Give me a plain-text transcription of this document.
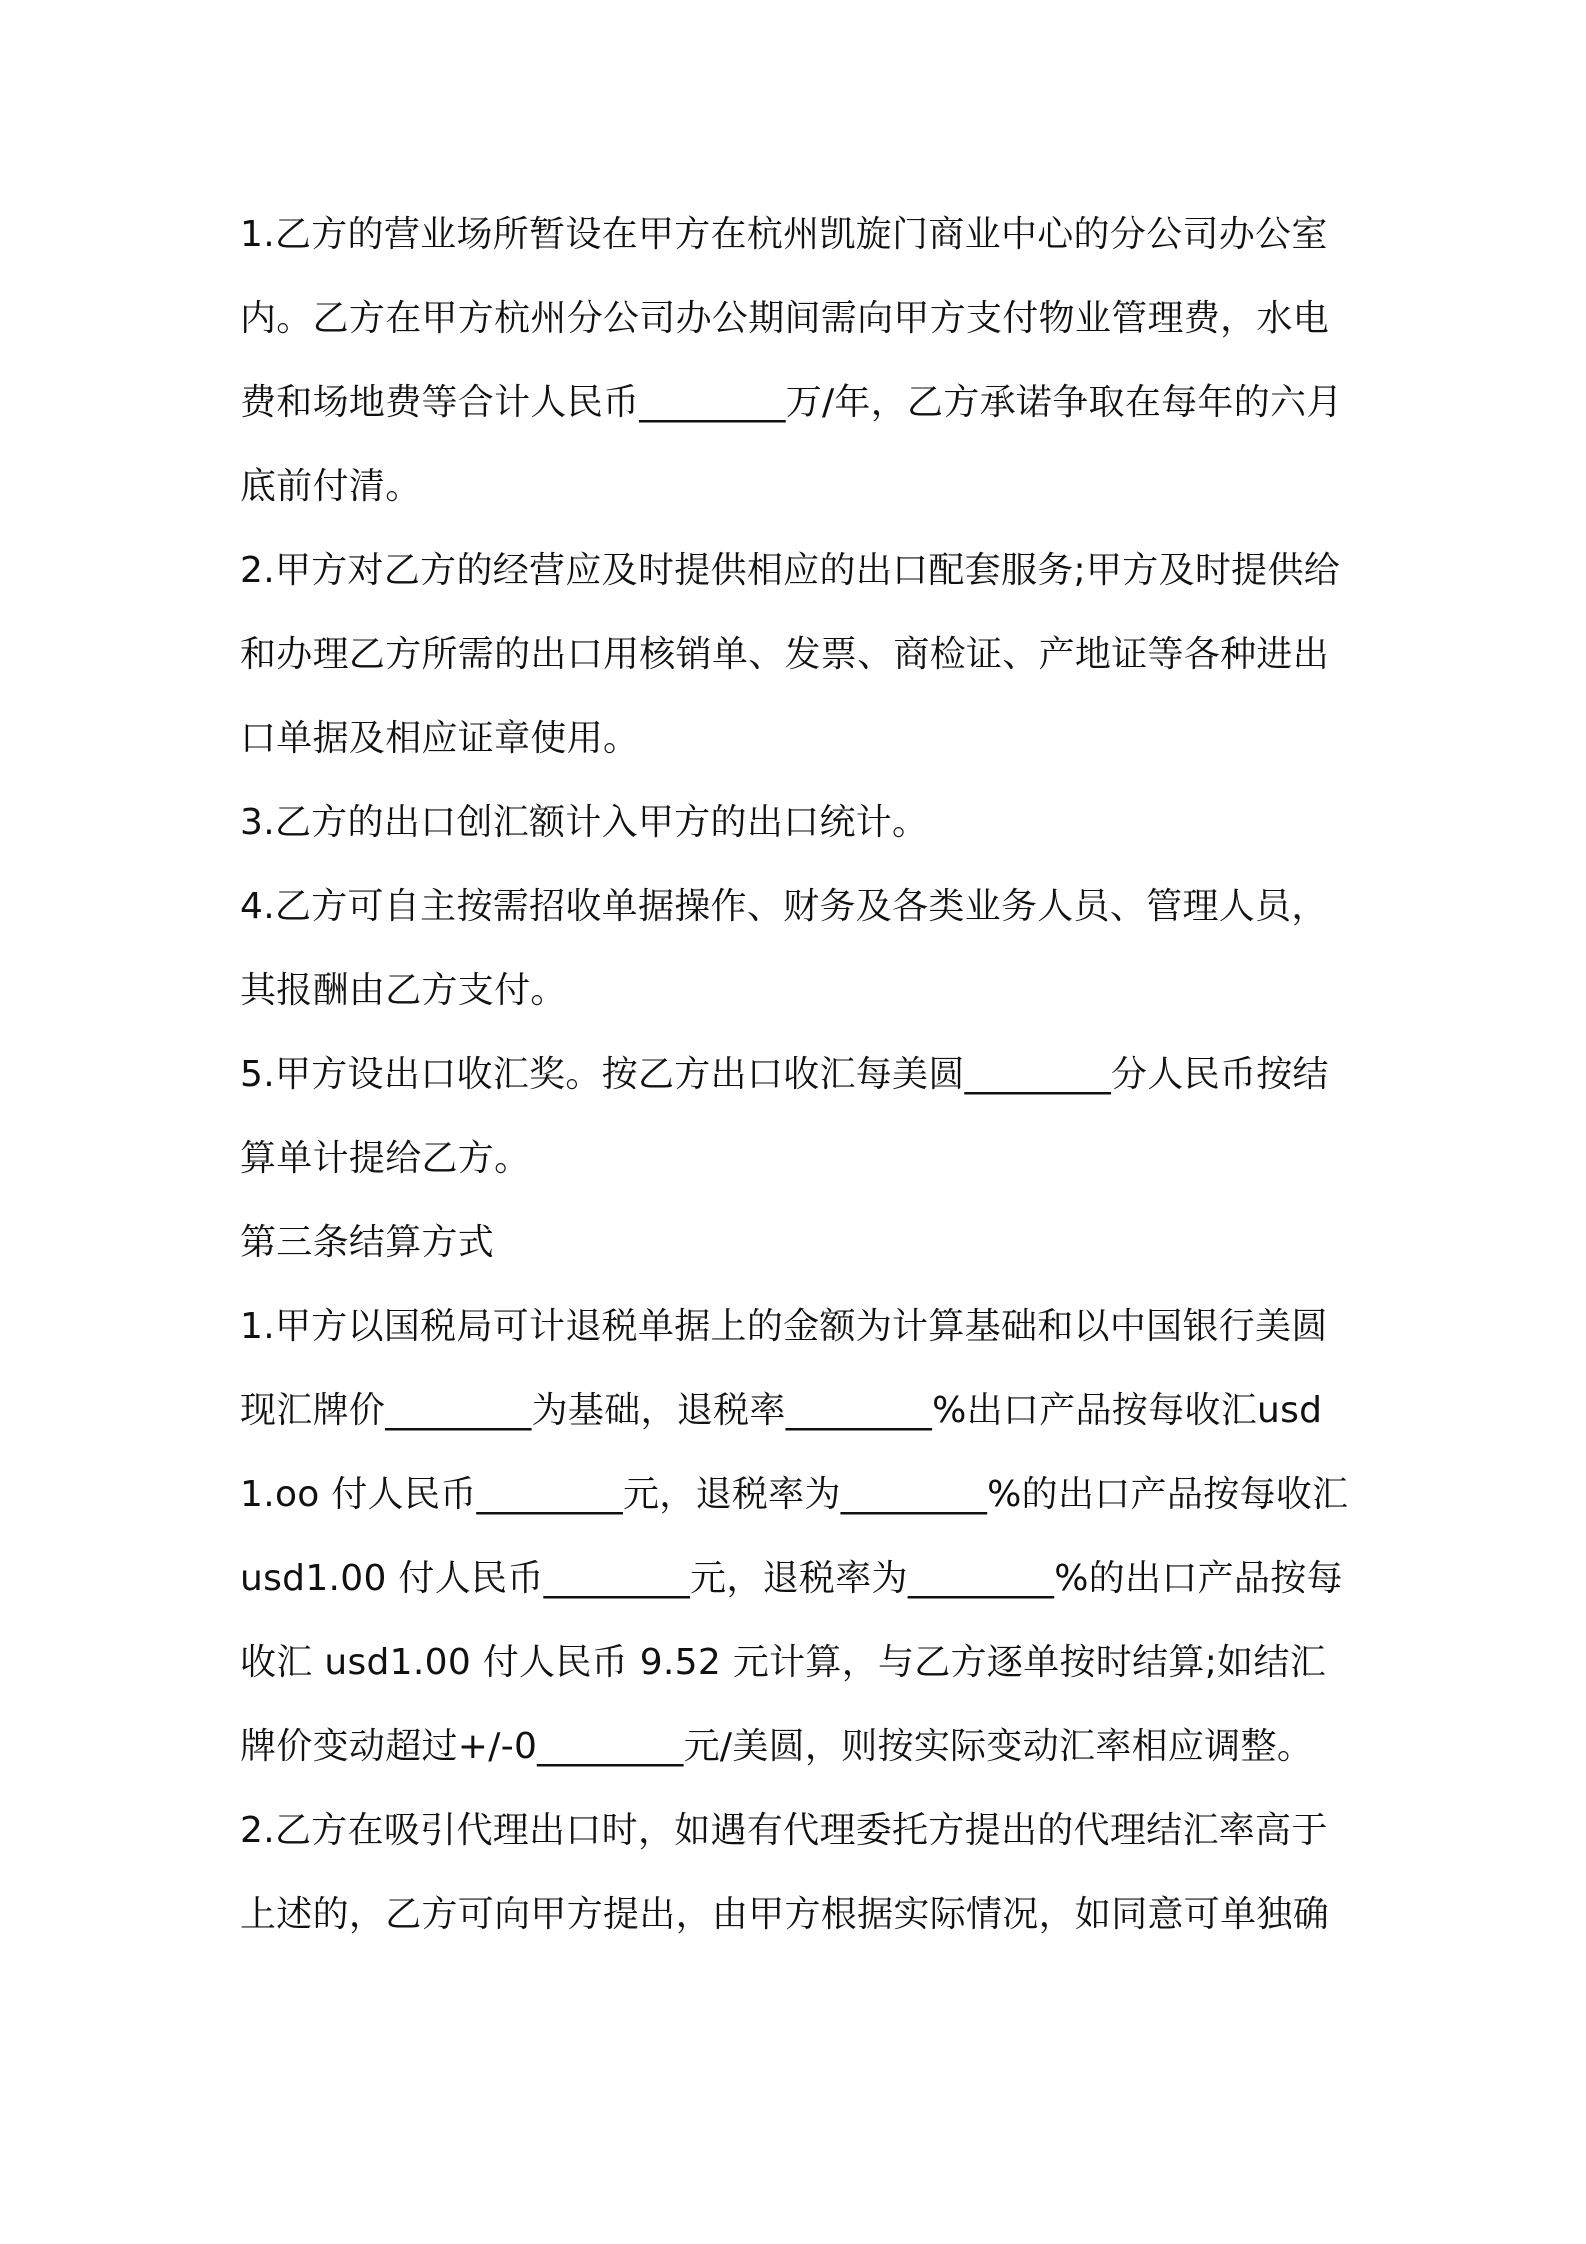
1.乙方的营业场所暂设在甲方在杭州凯旋门商业中心的分公司办公室内。乙方在甲方杭州分公司办公期间需向甲方支付物业管理费，水电费和场地费等合计人民币________万/年，乙方承诺争取在每年的六月底前付清。

2.甲方对乙方的经营应及时提供相应的出口配套服务;甲方及时提供给和办理乙方所需的出口用核销单、发票、商检证、产地证等各种进出口单据及相应证章使用。

3.乙方的出口创汇额计入甲方的出口统计。

4.乙方可自主按需招收单据操作、财务及各类业务人员、管理人员，其报酬由乙方支付。

5.甲方设出口收汇奖。按乙方出口收汇每美圆________分人民币按结算单计提给乙方。

第三条结算方式

1.甲方以国税局可计退税单据上的金额为计算基础和以中国银行美圆现汇牌价________为基础，退税率________%出口产品按每收汇usd1.oo 付人民币________元，退税率为________%的出口产品按每收汇 usd1.00 付人民币________元，退税率为________%的出口产品按每收汇 usd1.00 付人民币 9.52 元计算，与乙方逐单按时结算;如结汇牌价变动超过+/-0________元/美圆，则按实际变动汇率相应调整。

2.乙方在吸引代理出口时，如遇有代理委托方提出的代理结汇率高于上述的，乙方可向甲方提出，由甲方根据实际情况，如同意可单独确
